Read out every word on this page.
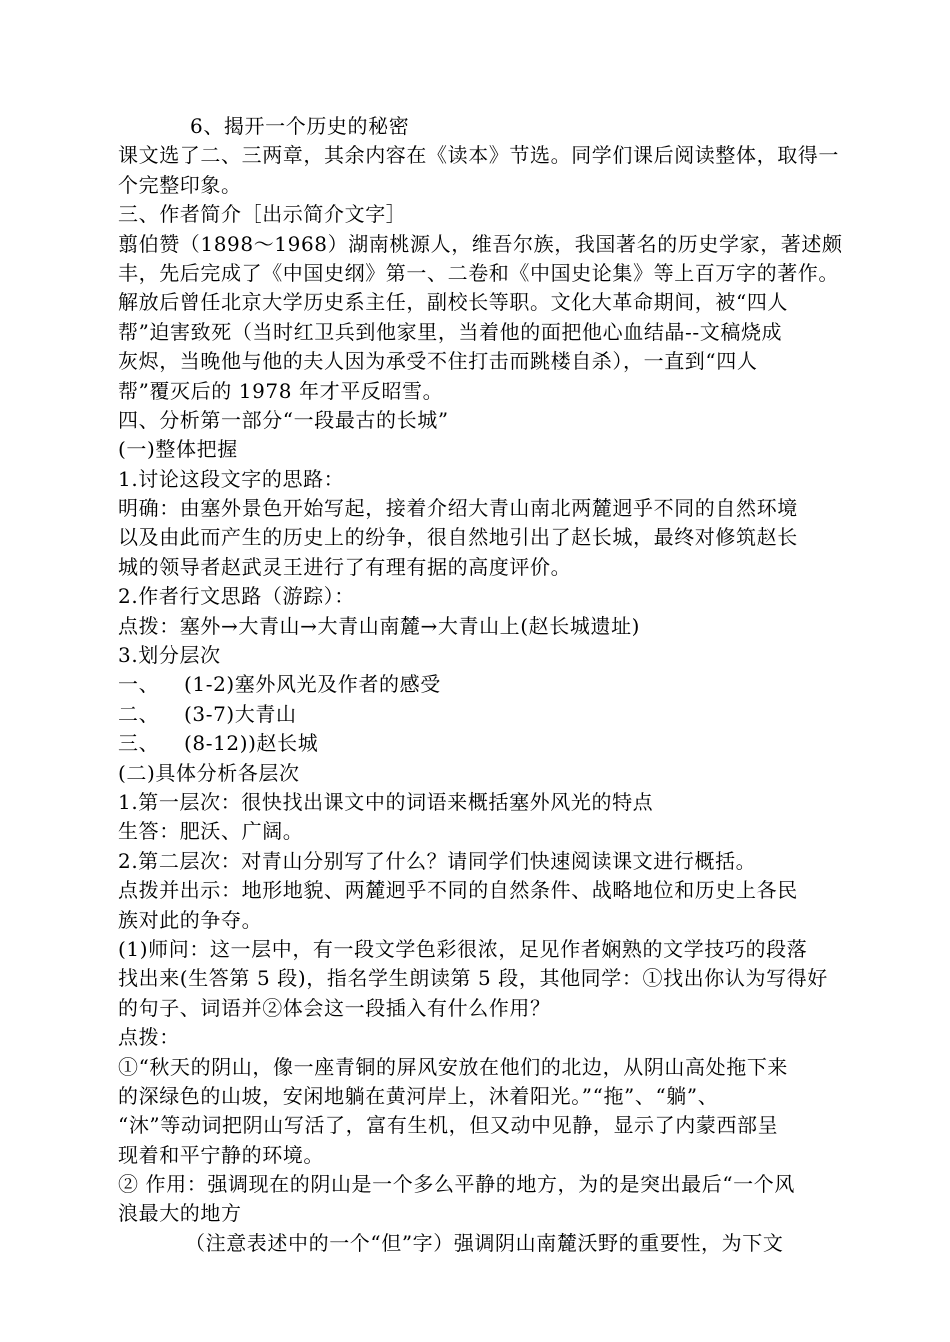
6、揭开一个历史的秘密
课文选了二、三两章，其余内容在《读本》节选。同学们课后阅读整体，取得一
个完整印象。
三、作者简介［出示简介文字］
翦伯赞（1898～1968）湖南桃源人，维吾尔族，我国著名的历史学家，著述颇
丰，先后完成了《中国史纲》第一、二卷和《中国史论集》等上百万字的著作。
解放后曾任北京大学历史系主任，副校长等职。文化大革命期间，被“四人
帮”迫害致死（当时红卫兵到他家里，当着他的面把他心血结晶--文稿烧成
灰烬，当晚他与他的夫人因为承受不住打击而跳楼自杀），一直到“四人
帮”覆灭后的 1978 年才平反昭雪。
四、分析第一部分“一段最古的长城”
(一)整体把握
1.讨论这段文字的思路：
明确：由塞外景色开始写起，接着介绍大青山南北两麓迥乎不同的自然环境
以及由此而产生的历史上的纷争，很自然地引出了赵长城，最终对修筑赵长
城的领导者赵武灵王进行了有理有据的高度评价。
2.作者行文思路（游踪）：
点拨：塞外→大青山→大青山南麓→大青山上(赵长城遗址)
3.划分层次
一、 (1-2)塞外风光及作者的感受
二、 (3-7)大青山
三、 (8-12))赵长城
(二)具体分析各层次
1.第一层次：很快找出课文中的词语来概括塞外风光的特点
生答：肥沃、广阔。
2.第二层次：对青山分别写了什么？请同学们快速阅读课文进行概括。
点拨并出示：地形地貌、两麓迥乎不同的自然条件、战略地位和历史上各民
族对此的争夺。
(1)师问：这一层中，有一段文学色彩很浓，足见作者娴熟的文学技巧的段落
找出来(生答第 5 段)，指名学生朗读第 5 段，其他同学：①找出你认为写得好
的句子、词语并②体会这一段插入有什么作用？
点拨：
①“秋天的阴山，像一座青铜的屏风安放在他们的北边，从阴山高处拖下来
的深绿色的山坡，安闲地躺在黄河岸上，沐着阳光。”“拖”、“躺”、
“沐”等动词把阴山写活了，富有生机，但又动中见静，显示了内蒙西部呈
现着和平宁静的环境。
② 作用：强调现在的阴山是一个多么平静的地方，为的是突出最后“一个风
浪最大的地方
（注意表述中的一个“但”字）强调阴山南麓沃野的重要性，为下文
